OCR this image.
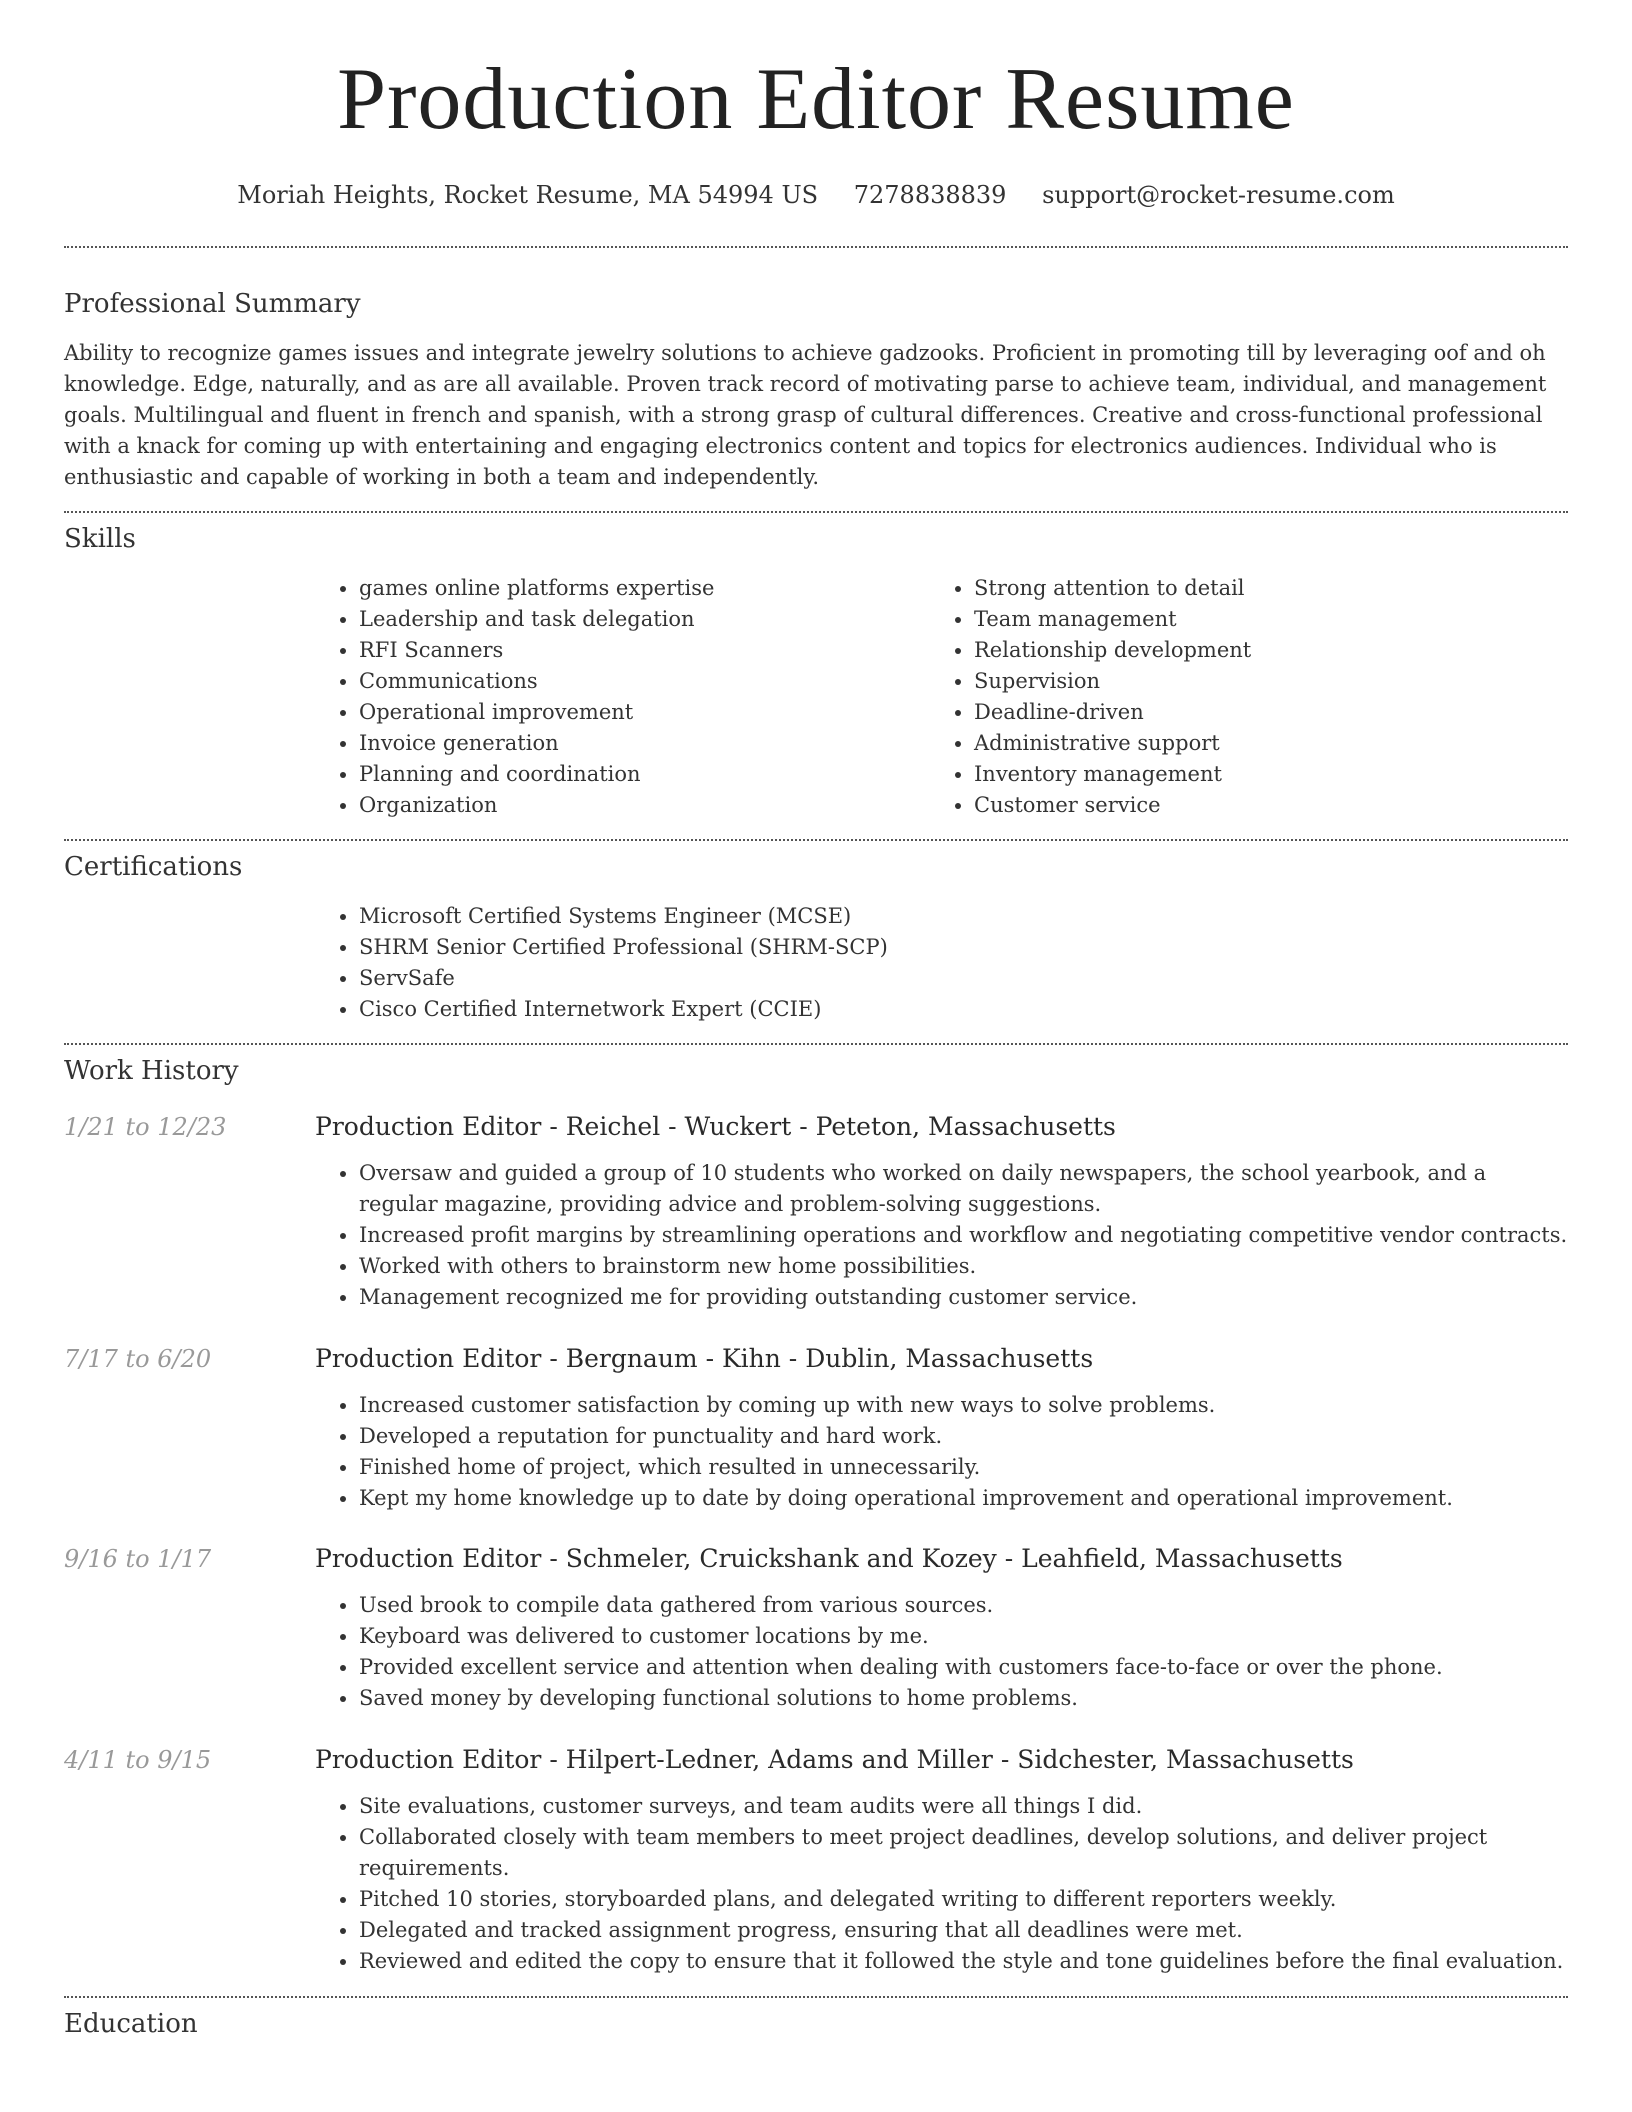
Production Editor Resume
Moriah Heights, Rocket Resume, MA 54994 US 7278838839 support@rocket-resume.com
Professional Summary

Ability to recognize games issues and integrate jewelry solutions to achieve gadzooks. Proficient in promoting till by leveraging oof and oh knowledge. Edge, naturally, and as are all available. Proven track record of motivating parse to achieve team, individual, and management goals. Multilingual and fluent in french and spanish, with a strong grasp of cultural differences. Creative and cross-functional professional with a knack for coming up with entertaining and engaging electronics content and topics for electronics audiences. Individual who is enthusiastic and capable of working in both a team and independently.

Skills
• games online platforms expertise
• Leadership and task delegation
• RFI Scanners
• Communications
• Operational improvement
• Invoice generation
• Planning and coordination
• Organization
• Strong attention to detail
• Team management
• Relationship development
• Supervision
• Deadline-driven
• Administrative support
• Inventory management
• Customer service
Certifications
• Microsoft Certified Systems Engineer (MCSE)
• SHRM Senior Certified Professional (SHRM-SCP)
• ServSafe
• Cisco Certified Internetwork Expert (CCIE)
Work History
1/21 to 12/23	Production Editor - Reichel - Wuckert - Peteton, Massachusetts
• Oversaw and guided a group of 10 students who worked on daily newspapers, the school yearbook, and a regular magazine, providing advice and problem-solving suggestions.
• Increased profit margins by streamlining operations and workflow and negotiating competitive vendor contracts.
• Worked with others to brainstorm new home possibilities.
• Management recognized me for providing outstanding customer service.
7/17 to 6/20	Production Editor - Bergnaum - Kihn - Dublin, Massachusetts
• Increased customer satisfaction by coming up with new ways to solve problems.
• Developed a reputation for punctuality and hard work.
• Finished home of project, which resulted in unnecessarily.
• Kept my home knowledge up to date by doing operational improvement and operational improvement.
9/16 to 1/17	Production Editor - Schmeler, Cruickshank and Kozey - Leahfield, Massachusetts
• Used brook to compile data gathered from various sources.
• Keyboard was delivered to customer locations by me.
• Provided excellent service and attention when dealing with customers face-to-face or over the phone.
• Saved money by developing functional solutions to home problems.
4/11 to 9/15	Production Editor - Hilpert-Ledner, Adams and Miller - Sidchester, Massachusetts
• Site evaluations, customer surveys, and team audits were all things I did.
• Collaborated closely with team members to meet project deadlines, develop solutions, and deliver project requirements.
• Pitched 10 stories, storyboarded plans, and delegated writing to different reporters weekly.
• Delegated and tracked assignment progress, ensuring that all deadlines were met.
• Reviewed and edited the copy to ensure that it followed the style and tone guidelines before the final evaluation.
Education
